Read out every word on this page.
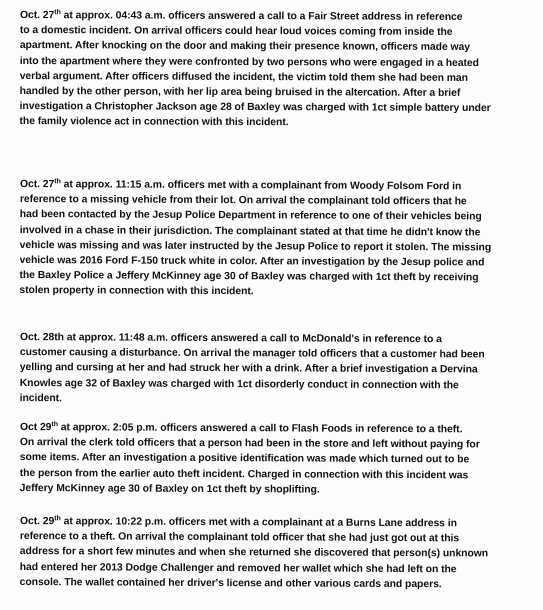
Oct. 27th at approx. 04:43 a.m. officers answered a call to a Fair Street address in reference
to a domestic incident. On arrival officers could hear loud voices coming from inside the
apartment. After knocking on the door and making their presence known, officers made way
into the apartment where they were confronted by two persons who were engaged in a heated
verbal argument. After officers diffused the incident, the victim told them she had been man
handled by the other person, with her lip area being bruised in the altercation. After a brief
investigation a Christopher Jackson age 28 of Baxley was charged with 1ct simple battery under
the family violence act in connection with this incident.

Oct. 27th at approx. 11:15 a.m. officers met with a complainant from Woody Folsom Ford in
reference to a missing vehicle from their lot. On arrival the complainant told officers that he
had been contacted by the Jesup Police Department in reference to one of their vehicles being
involved in a chase in their jurisdiction. The complainant stated at that time he didn't know the
vehicle was missing and was later instructed by the Jesup Police to report it stolen. The missing
vehicle was 2016 Ford F-150 truck white in color. After an investigation by the Jesup police and
the Baxley Police a Jeffery McKinney age 30 of Baxley was charged with 1ct theft by receiving
stolen property in connection with this incident.

Oct. 28th at approx. 11:48 a.m. officers answered a call to McDonald's in reference to a
customer causing a disturbance. On arrival the manager told officers that a customer had been
yelling and cursing at her and had struck her with a drink. After a brief investigation a Dervina
Knowles age 32 of Baxley was charged with 1ct disorderly conduct in connection with the
incident.

Oct 29th at approx. 2:05 p.m. officers answered a call to Flash Foods in reference to a theft.
On arrival the clerk told officers that a person had been in the store and left without paying for
some items. After an investigation a positive identification was made which turned out to be
the person from the earlier auto theft incident. Charged in connection with this incident was
Jeffery McKinney age 30 of Baxley on 1ct theft by shoplifting.

Oct. 29th at approx. 10:22 p.m. officers met with a complainant at a Burns Lane address in
reference to a theft. On arrival the complainant told officer that she had just got out at this
address for a short few minutes and when she returned she discovered that person(s) unknown
had entered her 2013 Dodge Challenger and removed her wallet which she had left on the
console. The wallet contained her driver's license and other various cards and papers.
